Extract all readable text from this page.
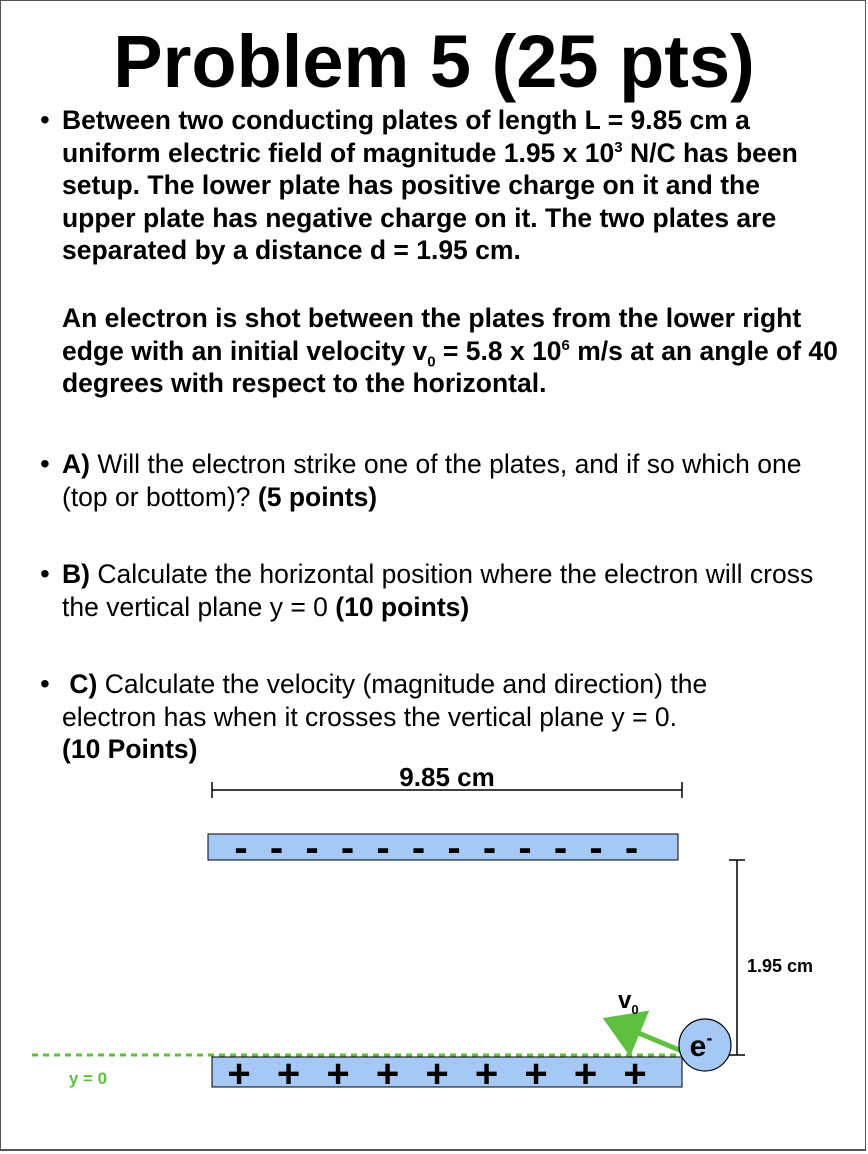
Problem 5 (25 pts)
• Between two conducting plates of length L = 9.85 cm a uniform electric field of magnitude 1.95 x $10^3$ N/C has been setup. The lower plate has positive charge on it and the upper plate has negative charge on it. The two plates are separated by a distance d = 1.95 cm.
An electron is shot between the plates from the lower right edge with an initial velocity $v_0 = 5.8$ x $10^6$ m/s at an angle of 40 degrees with respect to the horizontal.
• A) Will the electron strike one of the plates, and if so which one (top or bottom)? (5 points)
• B) Calculate the horizontal position where the electron will cross the vertical plane y = 0 (10 points)
• C) Calculate the velocity (magnitude and direction) the electron has when it crosses the vertical plane y = 0.
(10 Points)
9.85 cm
- - - - - - - - - - - -
+ + + + + + + + +
y = 0
1.95 cm
$v_0$
e-
